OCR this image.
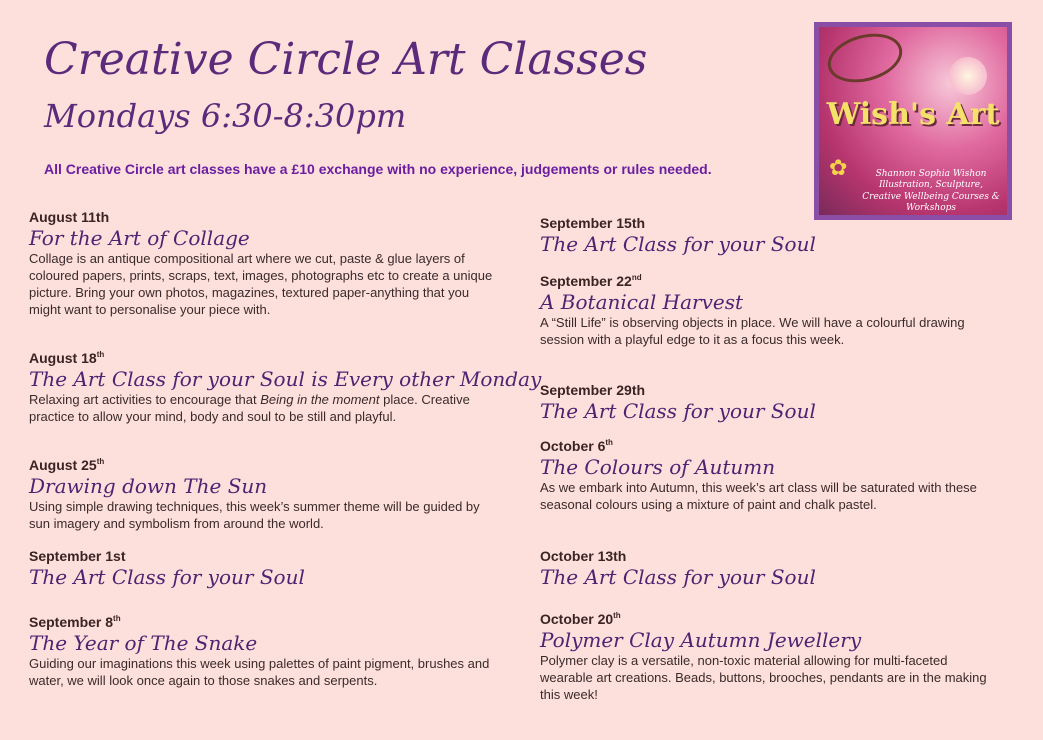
Creative Circle Art Classes
Mondays 6:30-8:30pm
All Creative Circle art classes have a £10 exchange with no experience, judgements or rules needed.
Wish's Art
✿	Shannon Sophia Wishon
Illustration, Sculpture, Creative Wellbeing Courses & Workshops
August 11th
For the Art of Collage
Collage is an antique compositional art where we cut, paste & glue layers of coloured papers, prints, scraps, text, images, photographs etc to create a unique picture. Bring your own photos, magazines, textured paper-anything that you might want to personalise your piece with.
August 18th
The Art Class for your Soul is Every other Monday
Relaxing art activities to encourage that Being in the moment place. Creative practice to allow your mind, body and soul to be still and playful.
August 25th
Drawing down The Sun
Using simple drawing techniques, this week’s summer theme will be guided by sun imagery and symbolism from around the world.
September 1st
The Art Class for your Soul
September 8th
The Year of The Snake
Guiding our imaginations this week using palettes of paint pigment, brushes and water, we will look once again to those snakes and serpents.
September 15th
The Art Class for your Soul
September 22nd
A Botanical Harvest
A “Still Life” is observing objects in place. We will have a colourful drawing session with a playful edge to it as a focus this week.
September 29th
The Art Class for your Soul
October 6th
The Colours of Autumn
As we embark into Autumn, this week’s art class will be saturated with these seasonal colours using a mixture of paint and chalk pastel.
October 13th
The Art Class for your Soul
October 20th
Polymer Clay Autumn Jewellery
Polymer clay is a versatile, non-toxic material allowing for multi-faceted wearable art creations. Beads, buttons, brooches, pendants are in the making this week!
